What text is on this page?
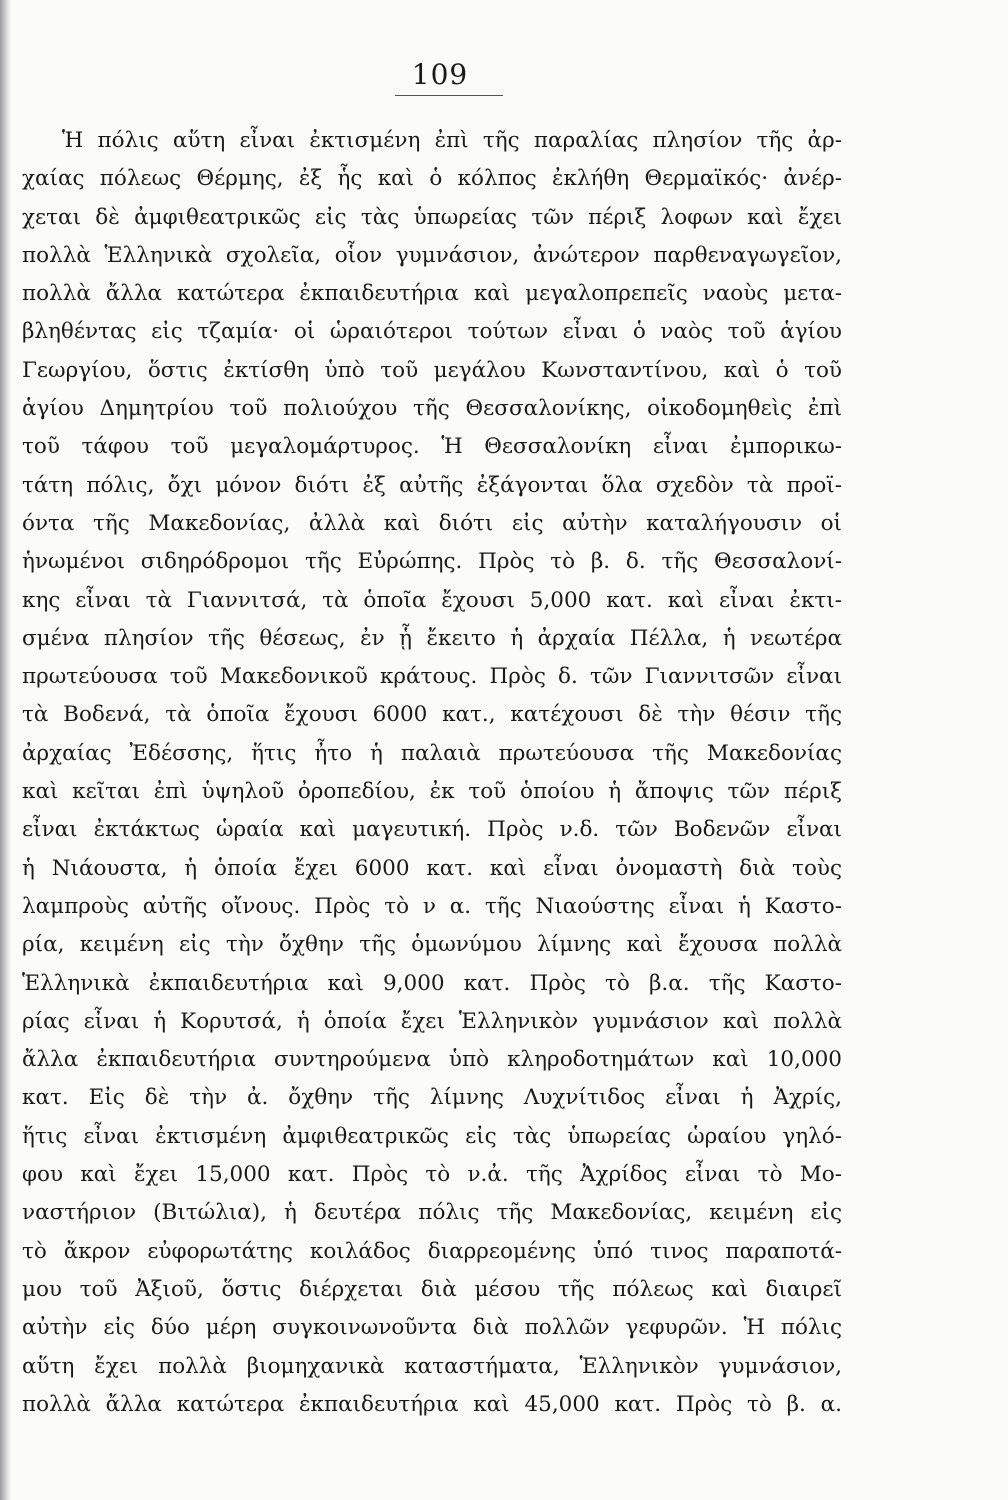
109
Ἡ πόλις αὕτη εἶναι ἐκτισμένη ἐπὶ τῆς παραλίας πλησίον τῆς ἀρ-
χαίας πόλεως Θέρμης, ἐξ ἧς καὶ ὁ κόλπος ἐκλήθη Θερμαϊκός· ἀνέρ-
χεται δὲ ἀμφιθεατρικῶς εἰς τὰς ὑπωρείας τῶν πέριξ λοφων καὶ ἔχει
πολλὰ Ἑλληνικὰ σχολεῖα, οἷον γυμνάσιον, ἀνώτερον παρθεναγωγεῖον,
πολλὰ ἄλλα κατώτερα ἐκπαιδευτήρια καὶ μεγαλοπρεπεῖς ναοὺς μετα-
βληθέντας εἰς τζαμία· οἱ ὡραιότεροι τούτων εἶναι ὁ ναὸς τοῦ ἁγίου
Γεωργίου, ὅστις ἐκτίσθη ὑπὸ τοῦ μεγάλου Κωνσταντίνου, καὶ ὁ τοῦ
ἁγίου Δημητρίου τοῦ πολιούχου τῆς Θεσσαλονίκης, οἰκοδομηθεὶς ἐπὶ
τοῦ τάφου τοῦ μεγαλομάρτυρος. Ἡ Θεσσαλονίκη εἶναι ἐμπορικω-
τάτη πόλις, ὄχι μόνον διότι ἐξ αὐτῆς ἐξάγονται ὅλα σχεδὸν τὰ προϊ-
όντα τῆς Μακεδονίας, ἀλλὰ καὶ διότι εἰς αὐτὴν καταλήγουσιν οἱ
ἡνωμένοι σιδηρόδρομοι τῆς Εὐρώπης. Πρὸς τὸ β. δ. τῆς Θεσσαλονί-
κης εἶναι τὰ Γιαννιτσά, τὰ ὁποῖα ἔχουσι 5,000 κατ. καὶ εἶναι ἐκτι-
σμένα πλησίον τῆς θέσεως, ἐν ᾗ ἔκειτο ἡ ἀρχαία Πέλλα, ἡ νεωτέρα
πρωτεύουσα τοῦ Μακεδονικοῦ κράτους. Πρὸς δ. τῶν Γιαννιτσῶν εἶναι
τὰ Βοδενά, τὰ ὁποῖα ἔχουσι 6000 κατ., κατέχουσι δὲ τὴν θέσιν τῆς
ἀρχαίας Ἐδέσσης, ἥτις ἦτο ἡ παλαιὰ πρωτεύουσα τῆς Μακεδονίας
καὶ κεῖται ἐπὶ ὑψηλοῦ ὀροπεδίου, ἐκ τοῦ ὁποίου ἡ ἄποψις τῶν πέριξ
εἶναι ἐκτάκτως ὡραία καὶ μαγευτική. Πρὸς ν.δ. τῶν Βοδενῶν εἶναι
ἡ Νιάουστα, ἡ ὁποία ἔχει 6000 κατ. καὶ εἶναι ὀνομαστὴ διὰ τοὺς
λαμπροὺς αὐτῆς οἴνους. Πρὸς τὸ ν α. τῆς Νιαούστης εἶναι ἡ Καστο-
ρία, κειμένη εἰς τὴν ὄχθην τῆς ὁμωνύμου λίμνης καὶ ἔχουσα πολλὰ
Ἑλληνικὰ ἐκπαιδευτήρια καὶ 9,000 κατ. Πρὸς τὸ β.α. τῆς Καστο-
ρίας εἶναι ἡ Κορυτσά, ἡ ὁποία ἔχει Ἑλληνικὸν γυμνάσιον καὶ πολλὰ
ἄλλα ἐκπαιδευτήρια συντηρούμενα ὑπὸ κληροδοτημάτων καὶ 10,000
κατ. Εἰς δὲ τὴν ἀ. ὄχθην τῆς λίμνης Λυχνίτιδος εἶναι ἡ Ἀχρίς,
ἥτις εἶναι ἐκτισμένη ἀμφιθεατρικῶς εἰς τὰς ὑπωρείας ὡραίου γηλό-
φου καὶ ἔχει 15,000 κατ. Πρὸς τὸ ν.ἀ. τῆς Ἀχρίδος εἶναι τὸ Μο-
ναστήριον (Βιτώλια), ἡ δευτέρα πόλις τῆς Μακεδονίας, κειμένη εἰς
τὸ ἄκρον εὐφορωτάτης κοιλάδος διαρρεομένης ὑπό τινος παραποτά-
μου τοῦ Ἀξιοῦ, ὅστις διέρχεται διὰ μέσου τῆς πόλεως καὶ διαιρεῖ
αὐτὴν εἰς δύο μέρη συγκοινωνοῦντα διὰ πολλῶν γεφυρῶν. Ἡ πόλις
αὕτη ἔχει πολλὰ βιομηχανικὰ καταστήματα, Ἑλληνικὸν γυμνάσιον,
πολλὰ ἄλλα κατώτερα ἐκπαιδευτήρια καὶ 45,000 κατ. Πρὸς τὸ β. α.
